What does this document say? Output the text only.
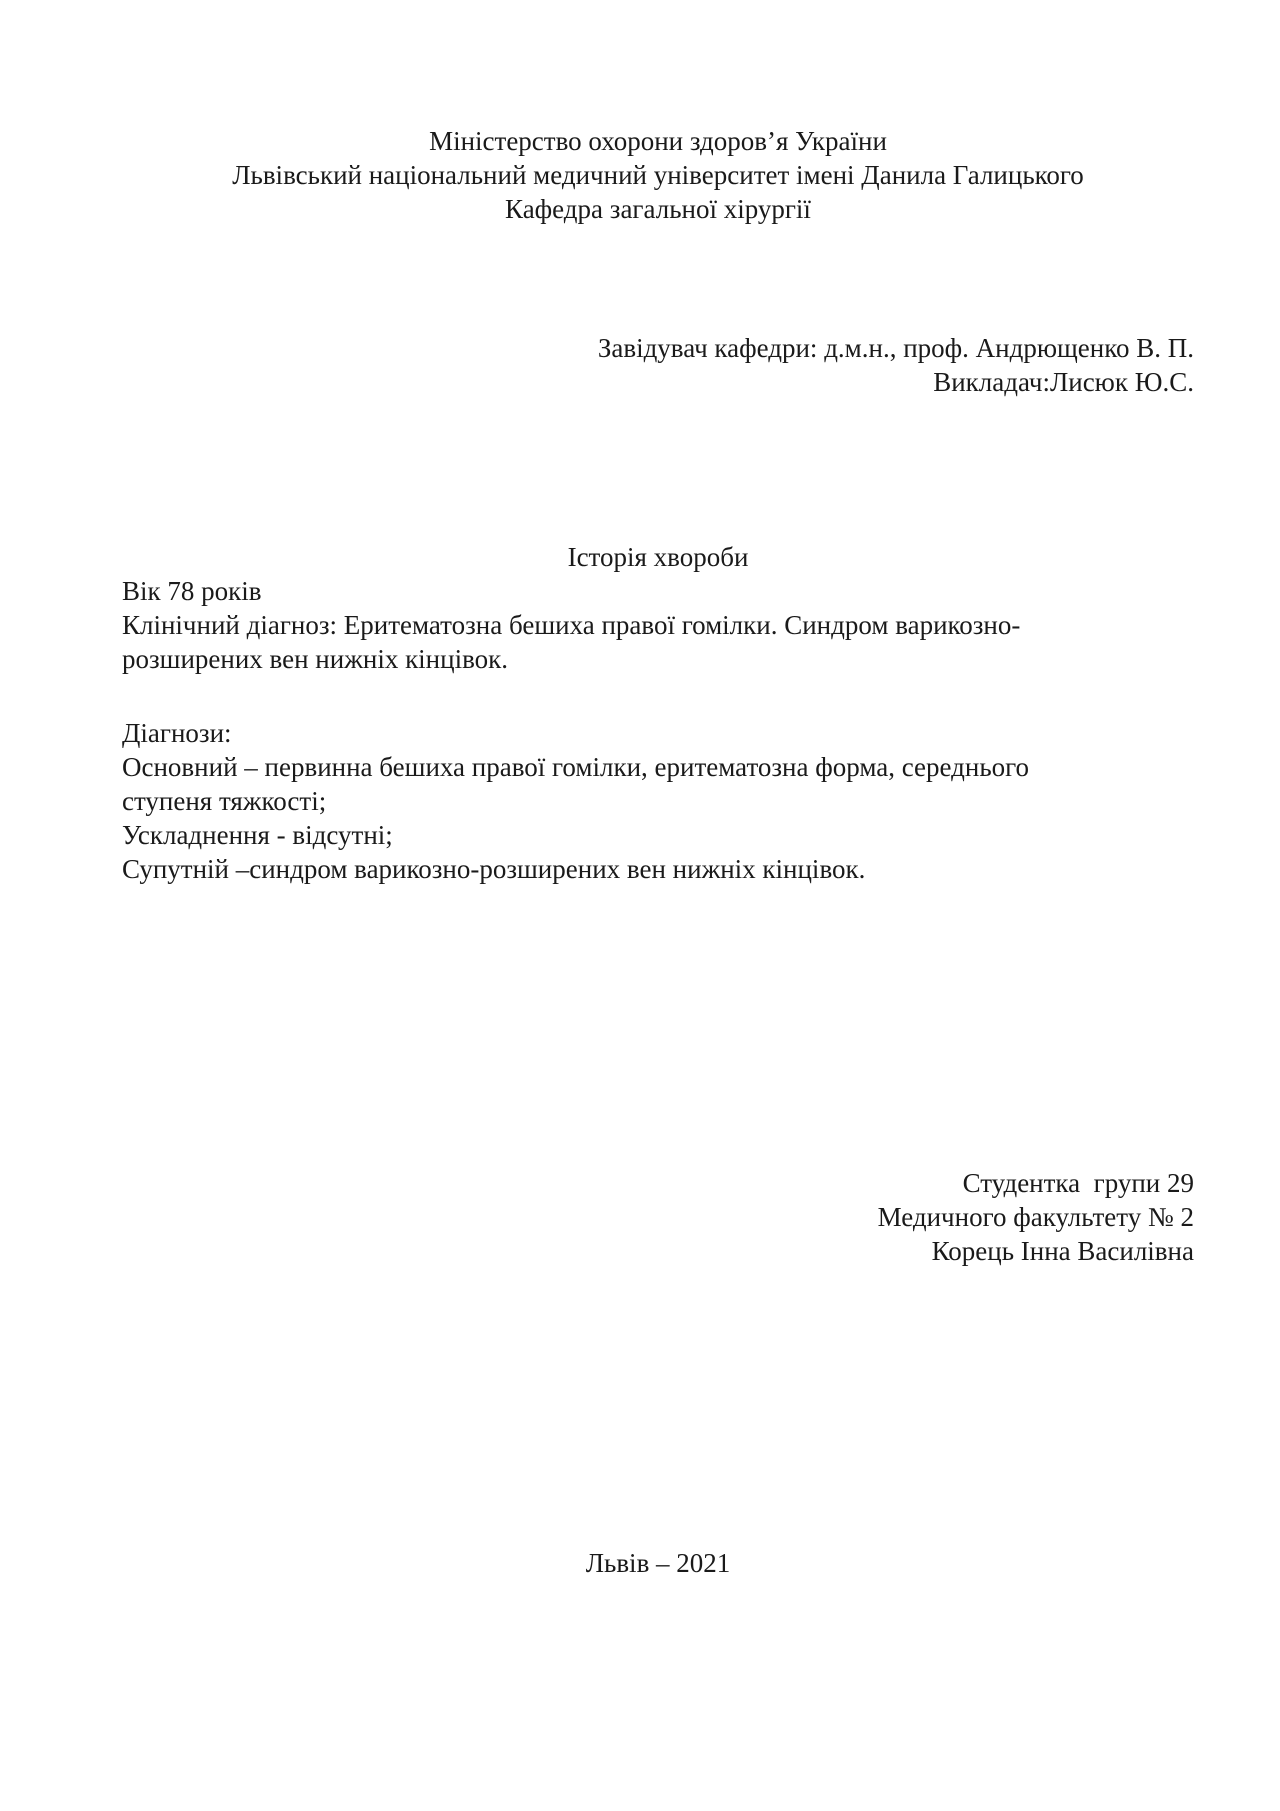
Міністерство охорони здоров’я України
Львівський національний медичний університет імені Данила Галицького
Кафедра загальної хірургії
Завідувач кафедри: д.м.н., проф. Андрющенко В. П.
Викладач:Лисюк Ю.С.
Історія хвороби
Вік 78 років
Клінічний діагноз: Еритематозна бешиха правої гомілки. Синдром варикозно-
розширених вен нижніх кінцівок.
Діагнози:
Основний – первинна бешиха правої гомілки, еритематозна форма, середнього
ступеня тяжкості;
Ускладнення - відсутні;
Супутній –синдром варикозно-розширених вен нижніх кінцівок.
Студентка  групи 29
Медичного факультету № 2
Корець Інна Василівна
Львів – 2021
